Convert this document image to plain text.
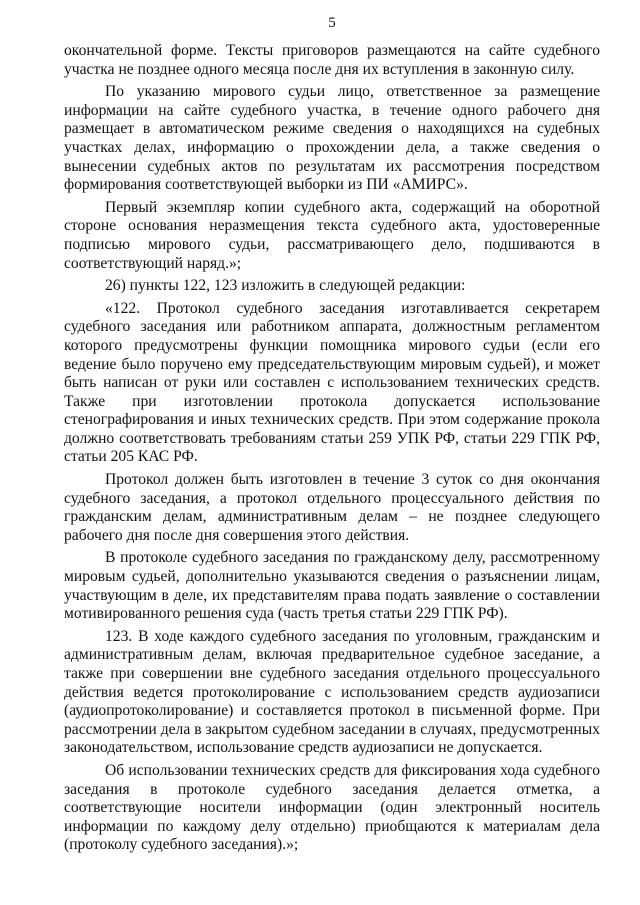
5

окончательной форме. Тексты приговоров размещаются на сайте судебного участка не позднее одного месяца после дня их вступления в законную силу.

По указанию мирового судьи лицо, ответственное за размещение информации на сайте судебного участка, в течение одного рабочего дня размещает в автоматическом режиме сведения о находящихся на судебных участках делах, информацию о прохождении дела, а также сведения о вынесении судебных актов по результатам их рассмотрения посредством формирования соответствующей выборки из ПИ «АМИРС».

Первый экземпляр копии судебного акта, содержащий на оборотной стороне основания неразмещения текста судебного акта, удостоверенные подписью мирового судьи, рассматривающего дело, подшиваются в соответствующий наряд.»;

26) пункты 122, 123 изложить в следующей редакции:

«122. Протокол судебного заседания изготавливается секретарем судебного заседания или работником аппарата, должностным регламентом которого предусмотрены функции помощника мирового судьи (если его ведение было поручено ему председательствующим мировым судьей), и может быть написан от руки или составлен с использованием технических средств. Также при изготовлении протокола допускается использование стенографирования и иных технических средств. При этом содержание прокола должно соответствовать требованиям статьи 259 УПК РФ, статьи 229 ГПК РФ, статьи 205 КАС РФ.

Протокол должен быть изготовлен в течение 3 суток со дня окончания судебного заседания, а протокол отдельного процессуального действия по гражданским делам, административным делам – не позднее следующего рабочего дня после дня совершения этого действия.

В протоколе судебного заседания по гражданскому делу, рассмотренному мировым судьей, дополнительно указываются сведения о разъяснении лицам, участвующим в деле, их представителям права подать заявление о составлении мотивированного решения суда (часть третья статьи 229 ГПК РФ).

123. В ходе каждого судебного заседания по уголовным, гражданским и административным делам, включая предварительное судебное заседание, а также при совершении вне судебного заседания отдельного процессуального действия ведется протоколирование с использованием средств аудиозаписи (аудиопротоколирование) и составляется протокол в письменной форме. При рассмотрении дела в закрытом судебном заседании в случаях, предусмотренных законодательством, использование средств аудиозаписи не допускается.

Об использовании технических средств для фиксирования хода судебного заседания в протоколе судебного заседания делается отметка, а соответствующие носители информации (один электронный носитель информации по каждому делу отдельно) приобщаются к материалам дела (протоколу судебного заседания).»;
